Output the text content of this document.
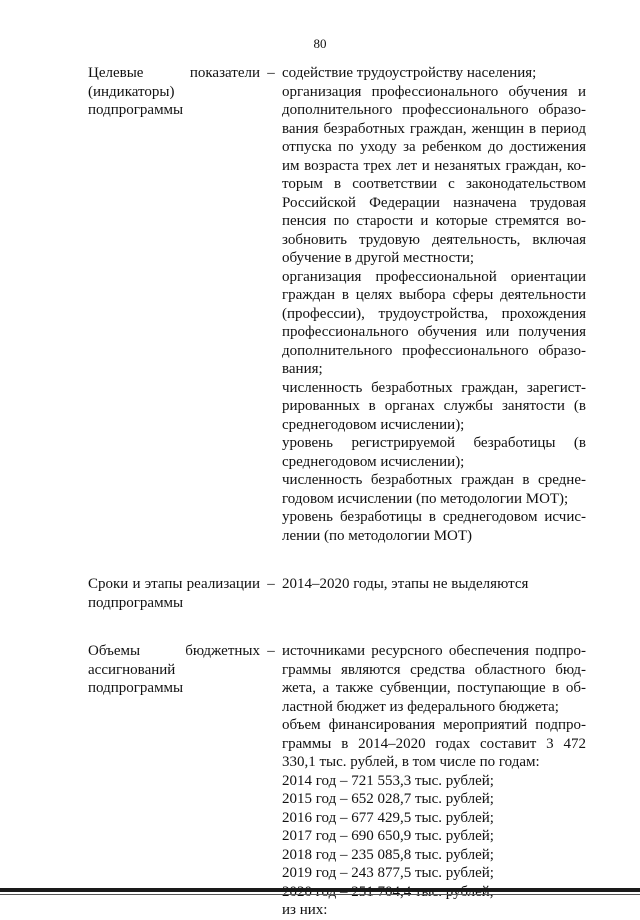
80
Целевые показатели (индикаторы) подпрограммы
– содействие трудоустройству населения;

организация профессионального обучения и дополнительного профессионального образования безработных граждан, женщин в период отпуска по уходу за ребенком до достижения им возраста трех лет и незанятых граждан, которым в соответствии с законодательством Российской Федерации назначена трудовая пенсия по старости и которые стремятся возобновить трудовую деятельность, включая обучение в другой местности;

организация профессиональной ориентации граждан в целях выбора сферы деятельности (профессии), трудоустройства, прохождения профессионального обучения или получения дополнительного профессионального образования;

численность безработных граждан, зарегистрированных в органах службы занятости (в среднегодовом исчислении);

уровень регистрируемой безработицы (в среднегодовом исчислении);

численность безработных граждан в среднегодовом исчислении (по методологии МОТ);

уровень безработицы в среднегодовом исчислении (по методологии МОТ)

Сроки и этапы реализации подпрограммы
– 2014–2020 годы, этапы не выделяются

Объемы бюджетных ассигнований подпрограммы
– источниками ресурсного обеспечения подпрограммы являются средства областного бюджета, а также субвенции, поступающие в областной бюджет из федерального бюджета;

объем финансирования мероприятий подпрограммы в 2014–2020 годах составит 3 472 330,1 тыс. рублей, в том числе по годам:

2014 год – 721 553,3 тыс. рублей;

2015 год – 652 028,7 тыс. рублей;

2016 год – 677 429,5 тыс. рублей;

2017 год – 690 650,9 тыс. рублей;

2018 год – 235 085,8 тыс. рублей;

2019 год – 243 877,5 тыс. рублей;

из них:
